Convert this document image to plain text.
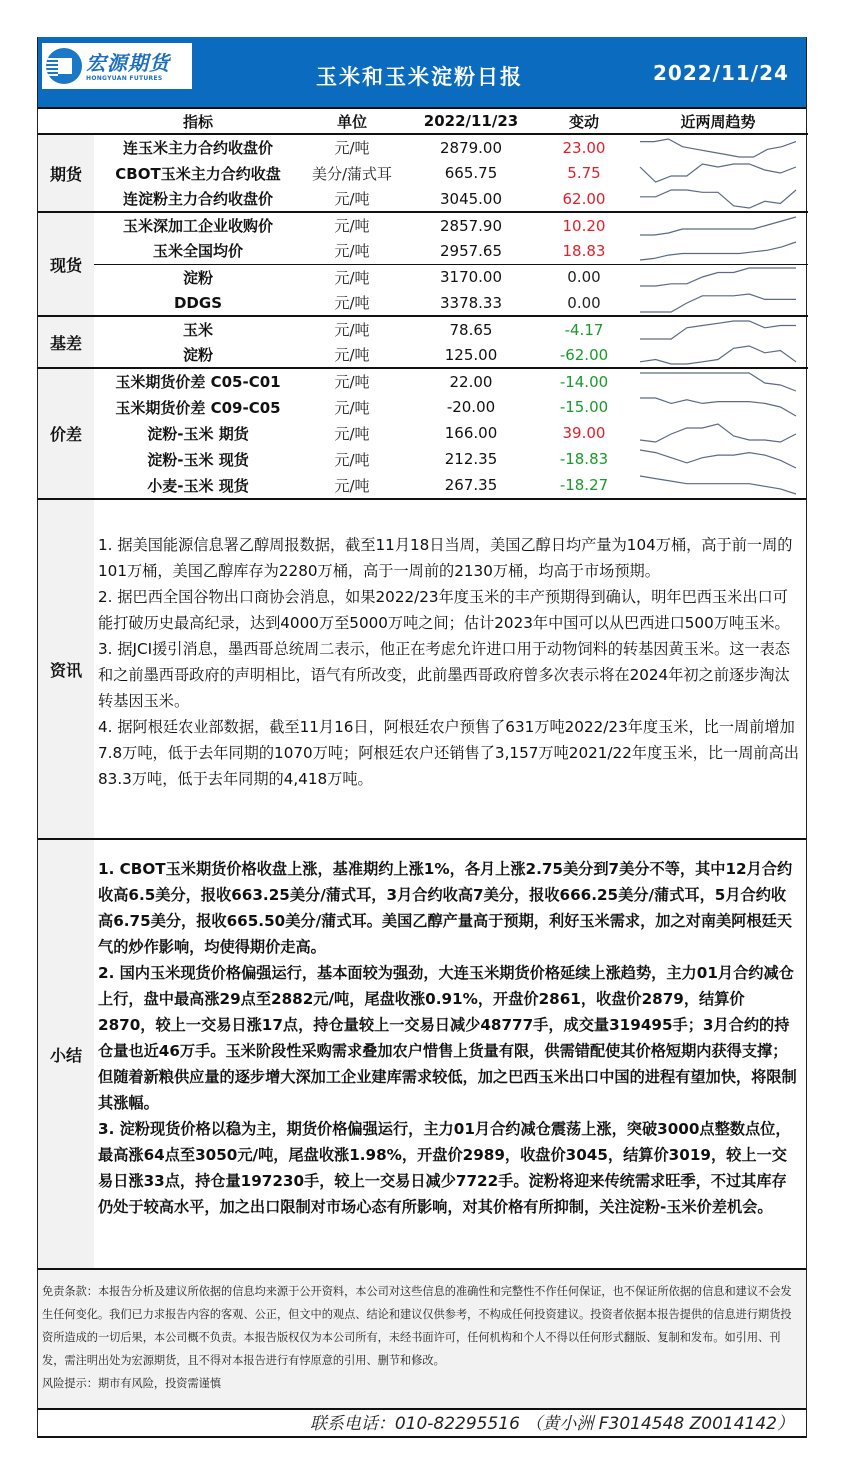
宏源期货
HONGYUAN FUTURES	玉米和玉米淀粉日报	2022/11/24
	指标	单位	2022/11/23	变动	近两周趋势
期货	连玉米主力合约收盘价	元/吨	2879.00	23.00	

	CBOT玉米主力合约收盘	美分/蒲式耳	665.75	5.75	

	连淀粉主力合约收盘价	元/吨	3045.00	62.00	

现货	玉米深加工企业收购价	元/吨	2857.90	10.20	

	玉米全国均价	元/吨	2957.65	18.83	

	淀粉	元/吨	3170.00	0.00	

	DDGS	元/吨	3378.33	0.00	

基差	玉米	元/吨	78.65	-4.17	

	淀粉	元/吨	125.00	-62.00	

价差	玉米期货价差 C05-C01	元/吨	22.00	-14.00	

	玉米期货价差 C09-C05	元/吨	-20.00	-15.00	

	淀粉-玉米 期货	元/吨	166.00	39.00	

	淀粉-玉米 现货	元/吨	212.35	-18.83	

	小麦-玉米 现货	元/吨	267.35	-18.27	
资讯

1. 据美国能源信息署乙醇周报数据，截至11月18日当周，美国乙醇日均产量为104万桶，高于前一周的101万桶，美国乙醇库存为2280万桶，高于一周前的2130万桶，均高于市场预期。

2. 据巴西全国谷物出口商协会消息，如果2022/23年度玉米的丰产预期得到确认，明年巴西玉米出口可能打破历史最高纪录，达到4000万至5000万吨之间；估计2023年中国可以从巴西进口500万吨玉米。

3. 据JCI援引消息，墨西哥总统周二表示，他正在考虑允许进口用于动物饲料的转基因黄玉米。这一表态和之前墨西哥政府的声明相比，语气有所改变，此前墨西哥政府曾多次表示将在2024年初之前逐步淘汰转基因玉米。

4. 据阿根廷农业部数据，截至11月16日，阿根廷农户预售了631万吨2022/23年度玉米，比一周前增加7.8万吨，低于去年同期的1070万吨；阿根廷农户还销售了3,157万吨2021/22年度玉米，比一周前高出83.3万吨，低于去年同期的4,418万吨。

小结

1. CBOT玉米期货价格收盘上涨，基准期约上涨1%，各月上涨2.75美分到7美分不等，其中12月合约收高6.5美分，报收663.25美分/蒲式耳，3月合约收高7美分，报收666.25美分/蒲式耳，5月合约收高6.75美分，报收665.50美分/蒲式耳。美国乙醇产量高于预期，利好玉米需求，加之对南美阿根廷天气的炒作影响，均使得期价走高。

2. 国内玉米现货价格偏强运行，基本面较为强劲，大连玉米期货价格延续上涨趋势，主力01月合约减仓上行，盘中最高涨29点至2882元/吨，尾盘收涨0.91%，开盘价2861，收盘价2879，结算价2870，较上一交易日涨17点，持仓量较上一交易日减少48777手，成交量319495手；3月合约的持仓量也近46万手。玉米阶段性采购需求叠加农户惜售上货量有限，供需错配使其价格短期内获得支撑；但随着新粮供应量的逐步增大深加工企业建库需求较低，加之巴西玉米出口中国的进程有望加快，将限制其涨幅。

3. 淀粉现货价格以稳为主，期货价格偏强运行，主力01月合约减仓震荡上涨，突破3000点整数点位，最高涨64点至3050元/吨，尾盘收涨1.98%，开盘价2989，收盘价3045，结算价3019，较上一交易日涨33点，持仓量197230手，较上一交易日减少7722手。淀粉将迎来传统需求旺季，不过其库存仍处于较高水平，加之出口限制对市场心态有所影响，对其价格有所抑制，关注淀粉-玉米价差机会。

免责条款：本报告分析及建议所依据的信息均来源于公开资料，本公司对这些信息的准确性和完整性不作任何保证，也不保证所依据的信息和建议不会发生任何变化。我们已力求报告内容的客观、公正，但文中的观点、结论和建议仅供参考，不构成任何投资建议。投资者依据本报告提供的信息进行期货投资所造成的一切后果，本公司概不负责。本报告版权仅为本公司所有，未经书面许可，任何机构和个人不得以任何形式翻版、复制和发布。如引用、刊发，需注明出处为宏源期货，且不得对本报告进行有悖原意的引用、删节和修改。

风险提示：期市有风险，投资需谨慎

联系电话：010-82295516 （黄小洲 F3014548 Z0014142）
